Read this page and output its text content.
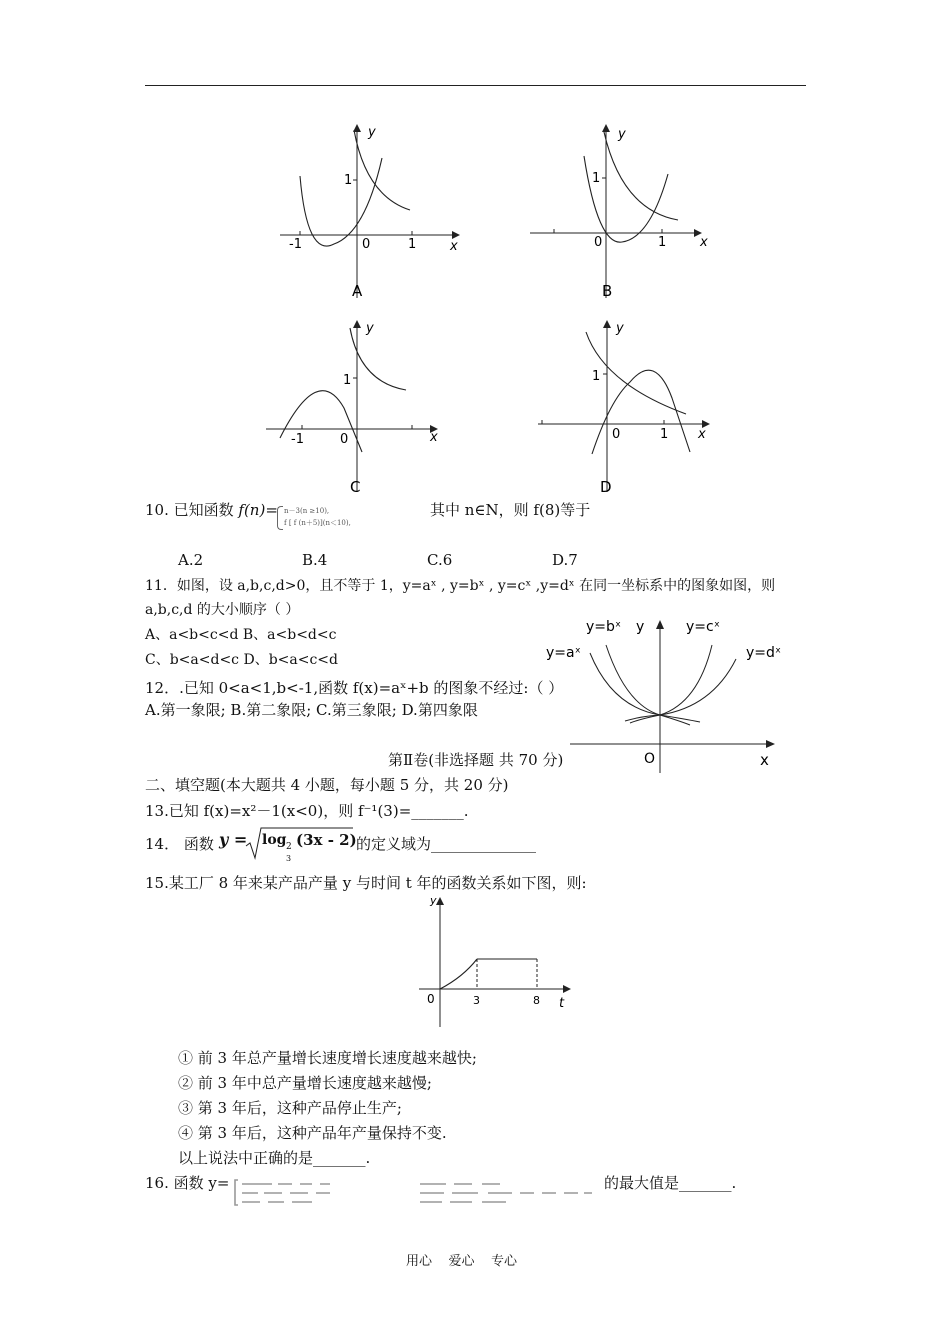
y
x
1
-1	0	1
A
y
x
1
0	1
B
y
x
1
-1	0
C
y
x
1
0	1
D
10. 已知函数 f(n)= n－3(n ≥10),
f [ f (n＋5)](n＜10),
其中 n∈N，则 f(8)等于
A.2	B.4	C.6	D.7
11．如图，设 a,b,c,d>0，且不等于 1，y=aˣ , y=bˣ , y=cˣ ,y=dˣ 在同一坐标系中的图象如图，则
a,b,c,d 的大小顺序（ ）
A、a<b<c<d B、a<b<d<c
C、b<a<d<c D、b<a<c<d	y=aˣ
y=bˣ	y=cˣ
y=dˣ
y
O	x
12．.已知 0<a<1,b<-1,函数 f(x)=aˣ+b 的图象不经过:（ ）
A.第一象限; B.第二象限; C.第三象限; D.第四象限
第Ⅱ卷(非选择题 共 70 分)
二、填空题(本大题共 4 小题，每小题 5 分，共 20 分)
13.已知 f(x)=x²－1(x<0)，则 f⁻¹(3)=_______.
14． 函数 y = log 2
3
(3x - 2) 的定义域为______________
15.某工厂 8 年来某产品产量 y 与时间 t 年的函数关系如下图，则:
y
t
0	3	8
① 前 3 年总产量增长速度增长速度越来越快;
② 前 3 年中总产量增长速度越来越慢;
③ 第 3 年后，这种产品停止生产;
④ 第 3 年后，这种产品年产量保持不变.
以上说法中正确的是_______.
16. 函数 y=	的最大值是_______.
用心    爱心    专心
